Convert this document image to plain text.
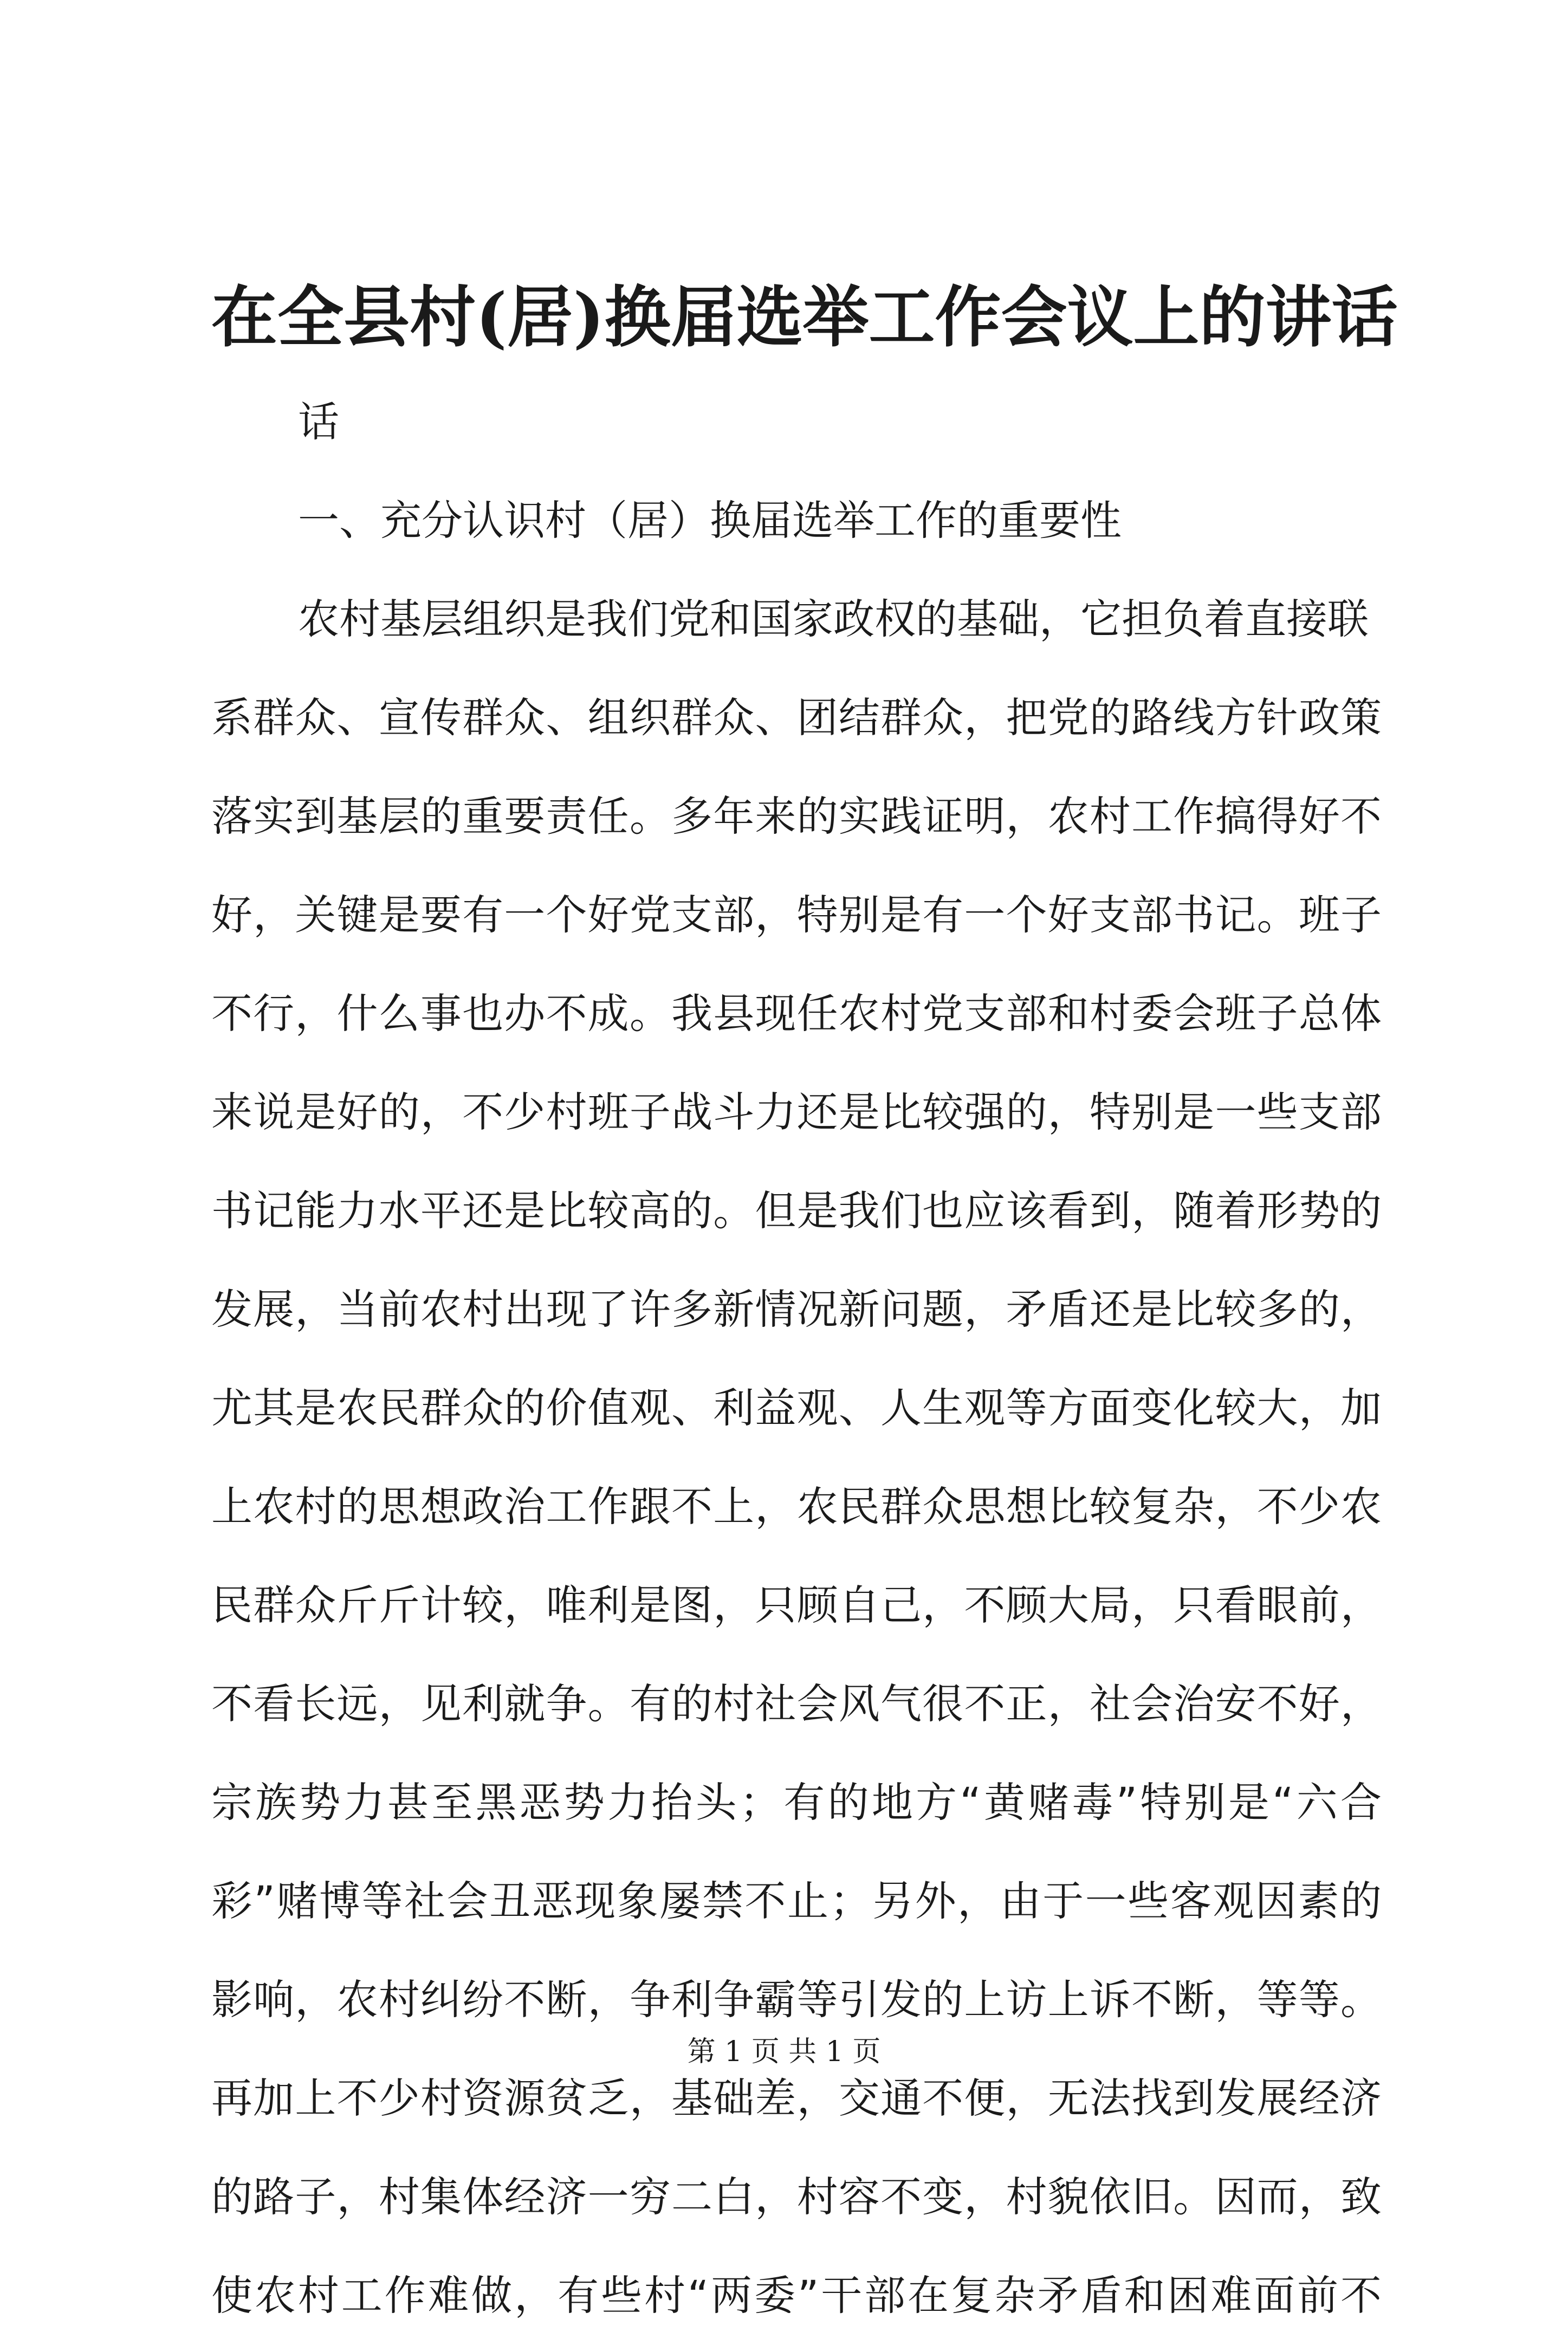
在全县村(居)换届选举工作会议上的讲话
话
一、充分认识村（居）换届选举工作的重要性
农村基层组织是我们党和国家政权的基础，它担负着直接联
系群众、宣传群众、组织群众、团结群众，把党的路线方针政策
落实到基层的重要责任。多年来的实践证明，农村工作搞得好不
好，关键是要有一个好党支部，特别是有一个好支部书记。班子
不行，什么事也办不成。我县现任农村党支部和村委会班子总体
来说是好的，不少村班子战斗力还是比较强的，特别是一些支部
书记能力水平还是比较高的。但是我们也应该看到，随着形势的
发展，当前农村出现了许多新情况新问题，矛盾还是比较多的，
尤其是农民群众的价值观、利益观、人生观等方面变化较大，加
上农村的思想政治工作跟不上，农民群众思想比较复杂，不少农
民群众斤斤计较，唯利是图，只顾自己，不顾大局，只看眼前，
不看长远，见利就争。有的村社会风气很不正，社会治安不好，
宗族势力甚至黑恶势力抬头；有的地方“黄赌毒”特别是“六合
彩”赌博等社会丑恶现象屡禁不止；另外，由于一些客观因素的
影响，农村纠纷不断，争利争霸等引发的上访上诉不断，等等。
再加上不少村资源贫乏，基础差，交通不便，无法找到发展经济
的路子，村集体经济一穷二白，村容不变，村貌依旧。因而，致
使农村工作难做，有些村“两委”干部在复杂矛盾和困难面前不
第 1 页 共 1 页
